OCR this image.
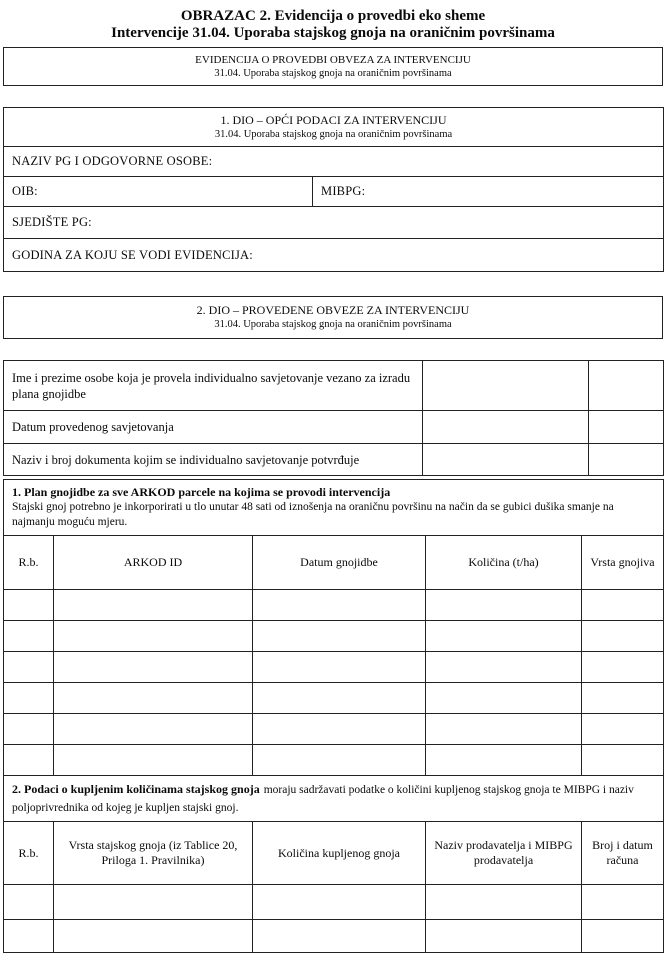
OBRAZAC 2. Evidencija o provedbi eko sheme
Intervencije 31.04. Uporaba stajskog gnoja na oraničnim površinama
EVIDENCIJA O PROVEDBI OBVEZA ZA INTERVENCIJU
31.04. Uporaba stajskog gnoja na oraničnim površinama
1. DIO – OPĆI PODACI ZA INTERVENCIJU
31.04. Uporaba stajskog gnoja na oraničnim površinama

NAZIV PG I ODGOVORNE OSOBE:
OIB:	MIBPG:
SJEDIŠTE PG:
GODINA ZA KOJU SE VODI EVIDENCIJA:
2. DIO – PROVEDENE OBVEZE ZA INTERVENCIJU
31.04. Uporaba stajskog gnoja na oraničnim površinama
Ime i prezime osobe koja je provela individualno savjetovanje vezano za izradu plana gnojidbe		
Datum provedenog savjetovanja		
Naziv i broj dokumenta kojim se individualno savjetovanje potvrđuje		
1. Plan gnojidbe za sve ARKOD parcele na kojima se provodi intervencija
Stajski gnoj potrebno je inkorporirati u tlo unutar 48 sati od iznošenja na oraničnu površinu na način da se gubici dušika smanje na najmanju moguću mjeru.				

R.b.	ARKOD ID	Datum gnojidbe	Količina (t/ha)	Vrsta gnojiva

2. Podaci o kupljenim količinama stajskog gnoja moraju sadržavati podatke o količini kupljenog stajskog gnoja te MIBPG i naziv poljoprivrednika od kojeg je kupljen stajski gnoj.				
R.b.	Vrsta stajskog gnoja (iz Tablice 20, Priloga 1. Pravilnika)	Količina kupljenog gnoja	Naziv prodavatelja i MIBPG prodavatelja	Broj i datum računa
